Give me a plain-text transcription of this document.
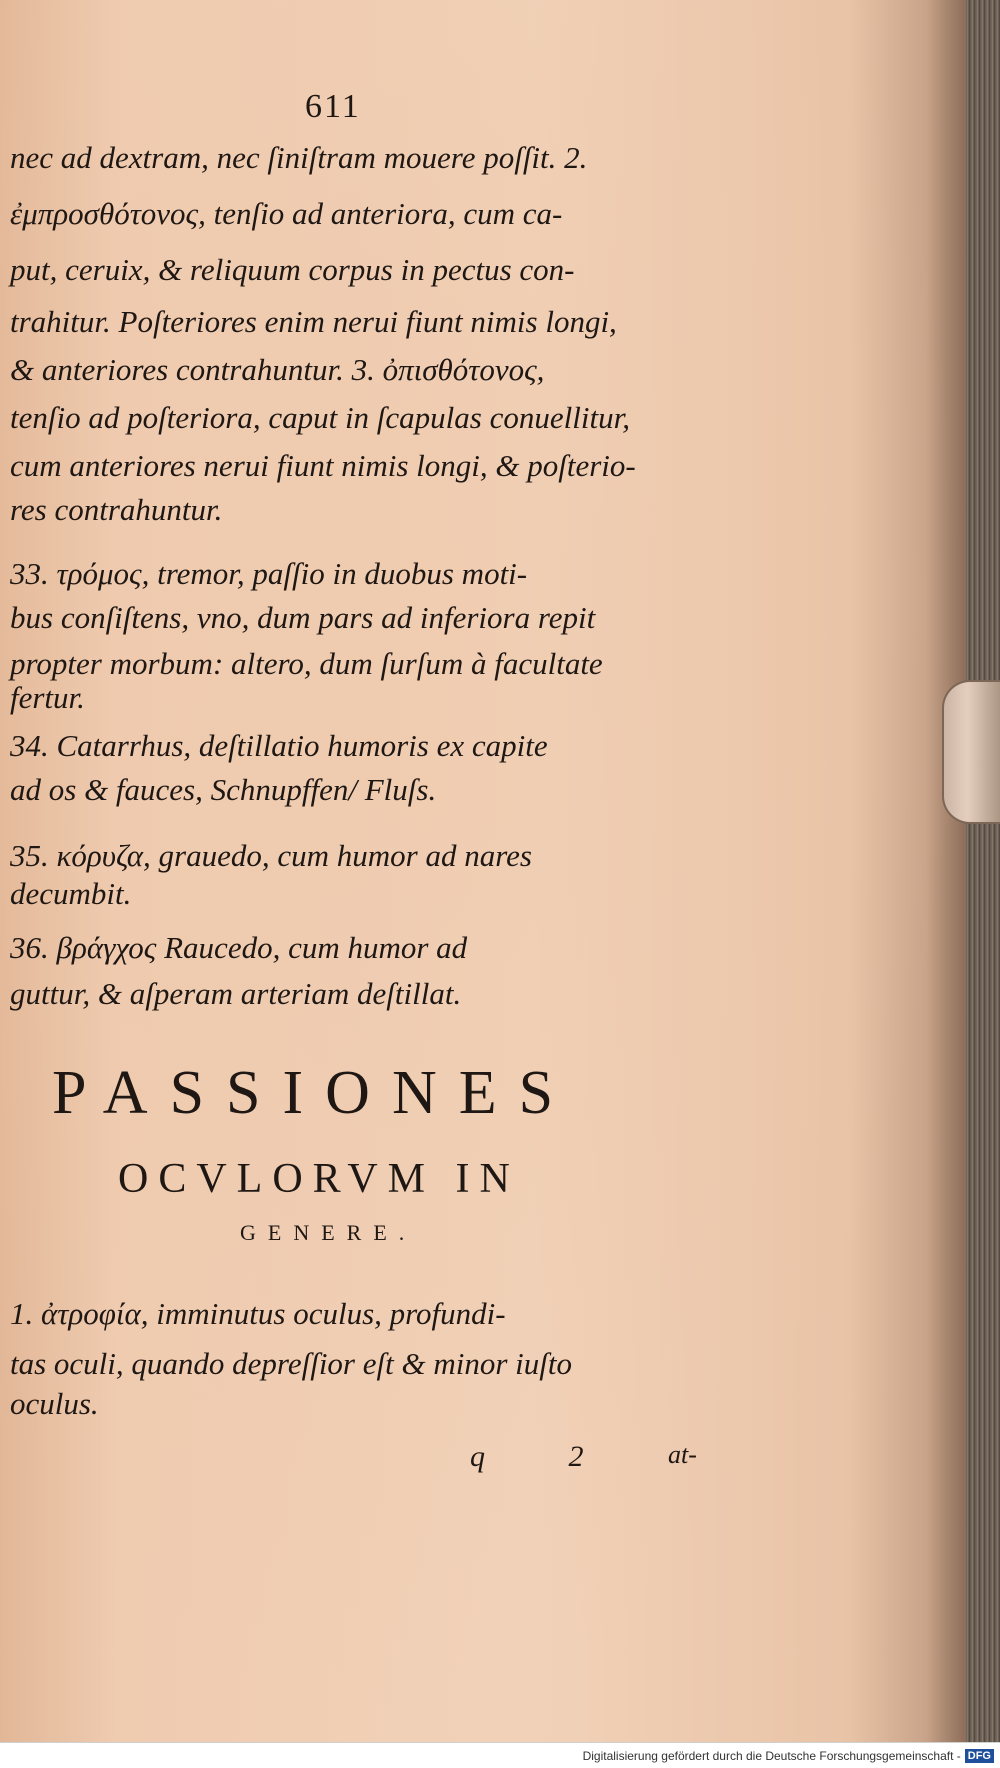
611
nec ad dextram, nec ſiniſtram mouere poſſit. 2.
ἐμπροσθότονος, tenſio ad anteriora, cum ca-
put, ceruix, & reliquum corpus in pectus con-
trahitur. Poſteriores enim nerui fiunt nimis longi,
& anteriores contrahuntur. 3. ὀπισθότονος,
tenſio ad poſteriora, caput in ſcapulas conuellitur,
cum anteriores nerui fiunt nimis longi, & poſterio-
res contrahuntur.
33. τρόμος, tremor, paſſio in duobus moti-
bus conſiſtens, vno, dum pars ad inferiora repit
propter morbum: altero, dum ſurſum à facultate
fertur.
34. Catarrhus, deſtillatio humoris ex capite
ad os & fauces, Schnupffen/ Fluſs.
35. κόρυζα, grauedo, cum humor ad nares
decumbit.
36. βράγχος Raucedo, cum humor ad
guttur, & aſperam arteriam deſtillat.
PASSIONES
OCVLORVM IN
GENERE.
1. ἀτροφία, imminutus oculus, profundi-
tas oculi, quando depreſſior eſt & minor iuſto
oculus.
q 2 at-
Digitalisierung gefördert durch die Deutsche Forschungsgemeinschaft - DFG
